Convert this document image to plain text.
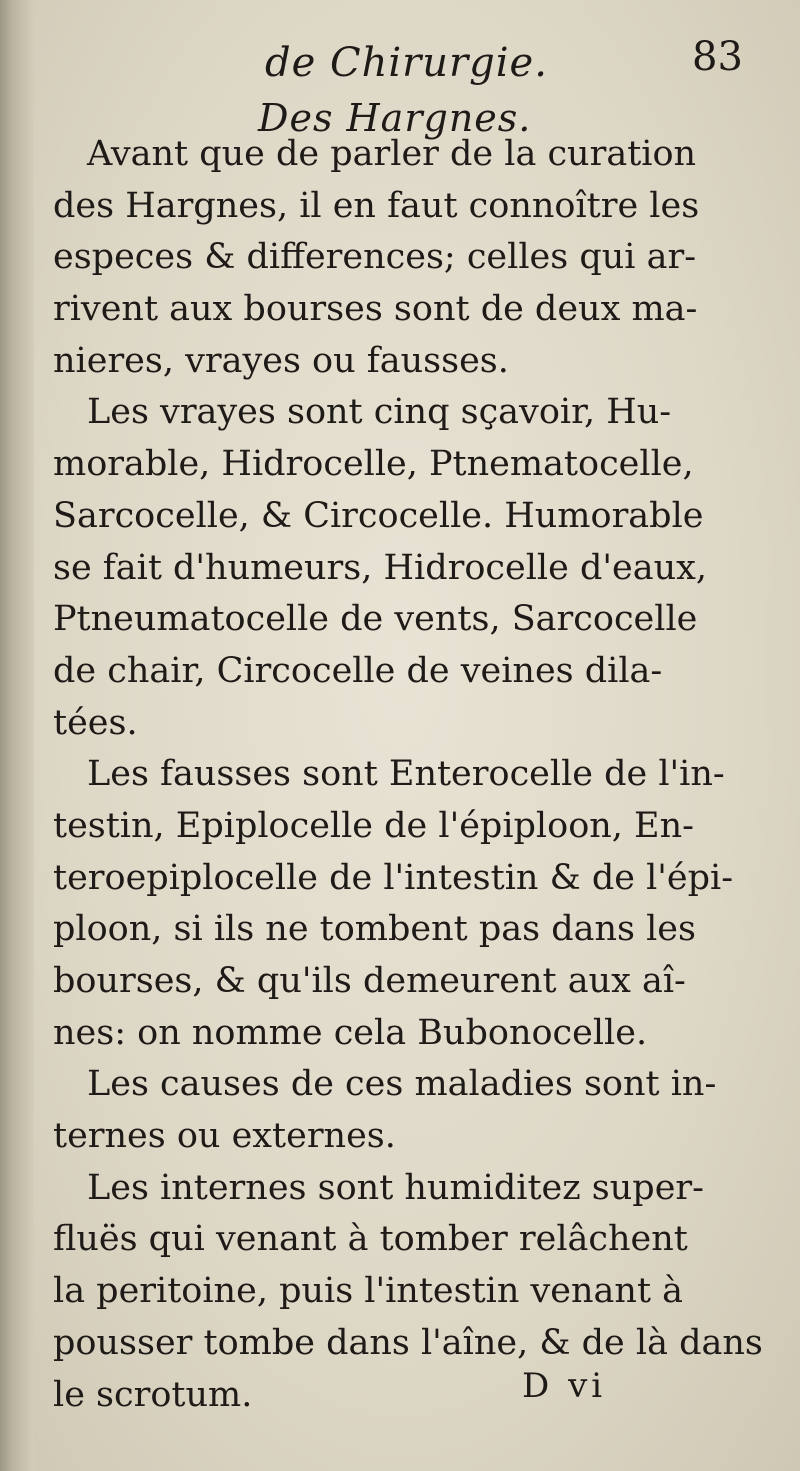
de Chirurgie.	83
Des Hargnes.
Avant que de parler de la curation
des Hargnes, il en faut connoître les
especes & differences; celles qui ar-
rivent aux bourses sont de deux ma-
nieres, vrayes ou fausses.
Les vrayes sont cinq sçavoir, Hu-
morable, Hidrocelle, Ptnematocelle,
Sarcocelle, & Circocelle. Humorable
se fait d'humeurs, Hidrocelle d'eaux,
Ptneumatocelle de vents, Sarcocelle
de chair, Circocelle de veines dila-
tées.
Les fausses sont Enterocelle de l'in-
testin, Epiplocelle de l'épiploon, En-
teroepiplocelle de l'intestin & de l'épi-
ploon, si ils ne tombent pas dans les
bourses, & qu'ils demeurent aux aî-
nes: on nomme cela Bubonocelle.
Les causes de ces maladies sont in-
ternes ou externes.
Les internes sont humiditez super-
fluës qui venant à tomber relâchent
la peritoine, puis l'intestin venant à
pousser tombe dans l'aîne, & de là dans
le scrotum.	D vi
